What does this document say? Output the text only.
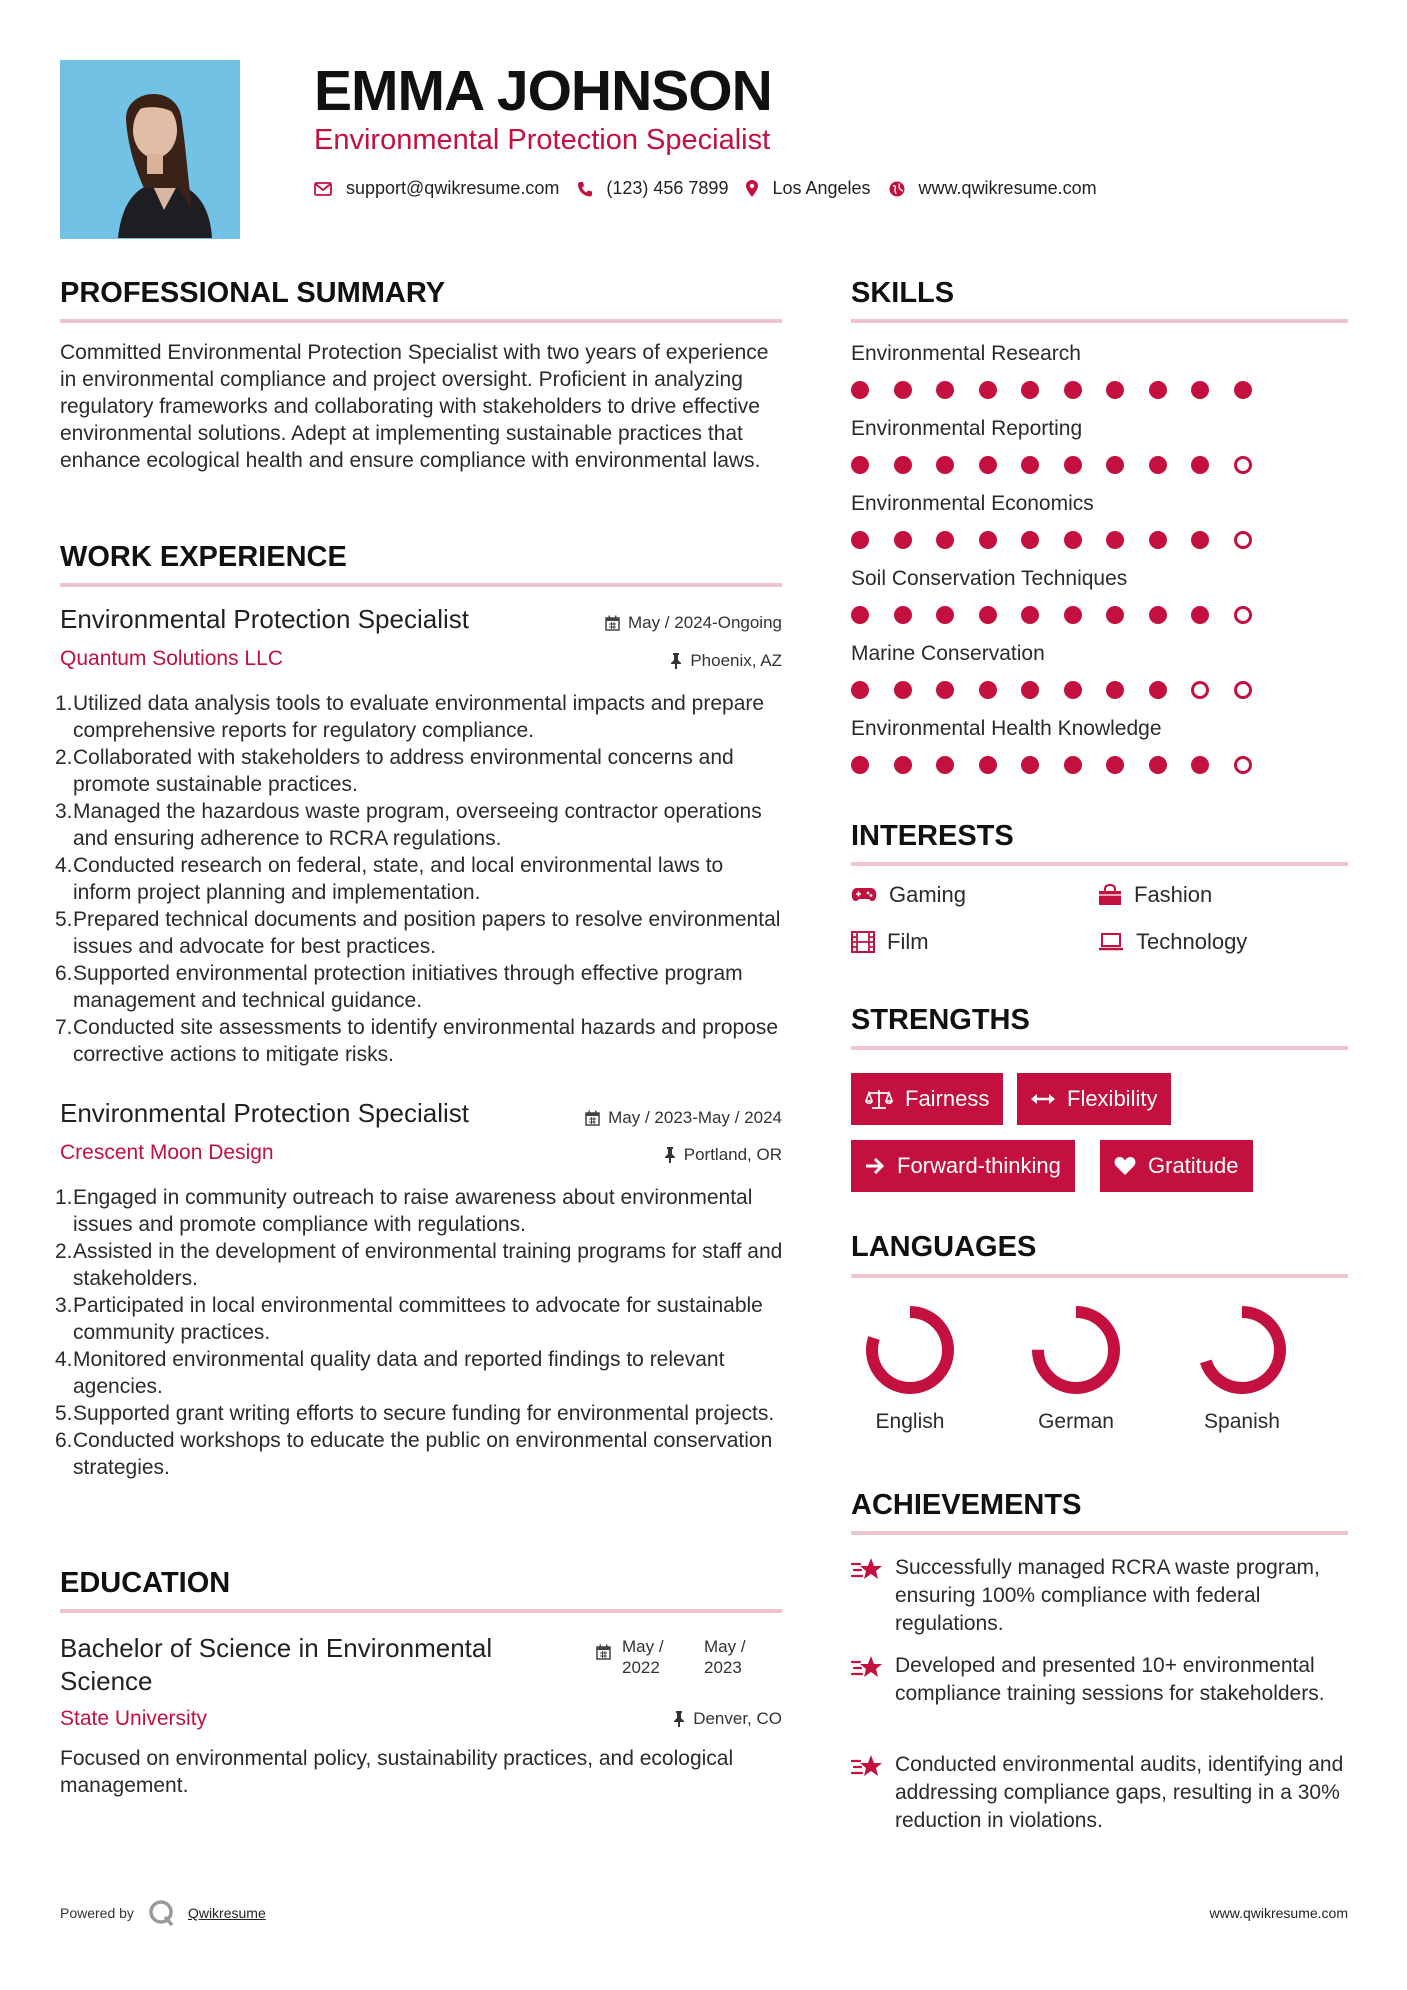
EMMA JOHNSON
Environmental Protection Specialist
support@qwikresume.com	(123) 456 7899 Los Angeles	www.qwikresume.com
PROFESSIONAL SUMMARY
Committed Environmental Protection Specialist with two years of experience in environmental compliance and project oversight. Proficient in analyzing regulatory frameworks and collaborating with stakeholders to drive effective environmental solutions. Adept at implementing sustainable practices that enhance ecological health and ensure compliance with environmental laws.
WORK EXPERIENCE
Environmental Protection Specialist	May / 2024-Ongoing
Quantum Solutions LLC	Phoenix, AZ
1. Utilized data analysis tools to evaluate environmental impacts and prepare comprehensive reports for regulatory compliance.
2. Collaborated with stakeholders to address environmental concerns and promote sustainable practices.
3. Managed the hazardous waste program, overseeing contractor operations and ensuring adherence to RCRA regulations.
4. Conducted research on federal, state, and local environmental laws to inform project planning and implementation.
5. Prepared technical documents and position papers to resolve environmental issues and advocate for best practices.
6. Supported environmental protection initiatives through effective program management and technical guidance.
7. Conducted site assessments to identify environmental hazards and propose corrective actions to mitigate risks.
Environmental Protection Specialist	May / 2023-May / 2024
Crescent Moon Design	Portland, OR
1. Engaged in community outreach to raise awareness about environmental issues and promote compliance with regulations.
2. Assisted in the development of environmental training programs for staff and stakeholders.
3. Participated in local environmental committees to advocate for sustainable community practices.
4. Monitored environmental quality data and reported findings to relevant agencies.
5. Supported grant writing efforts to secure funding for environmental projects.
6. Conducted workshops to educate the public on environmental conservation strategies.
EDUCATION
Bachelor of Science in Environmental Science
May / 2022
May / 2023
State University	Denver, CO
Focused on environmental policy, sustainability practices, and ecological management.
SKILLS
Environmental Research
Environmental Reporting
Environmental Economics
Soil Conservation Techniques
Marine Conservation
Environmental Health Knowledge
INTERESTS
Gaming	Fashion
Film	Technology
STRENGTHS
Fairness	Flexibility
Forward-thinking	Gratitude
LANGUAGES
English	German	Spanish
ACHIEVEMENTS
Successfully managed RCRA waste program, ensuring 100% compliance with federal regulations.
Developed and presented 10+ environmental compliance training sessions for stakeholders.
Conducted environmental audits, identifying and addressing compliance gaps, resulting in a 30% reduction in violations.
Powered by	Qwikresume	www.qwikresume.com
